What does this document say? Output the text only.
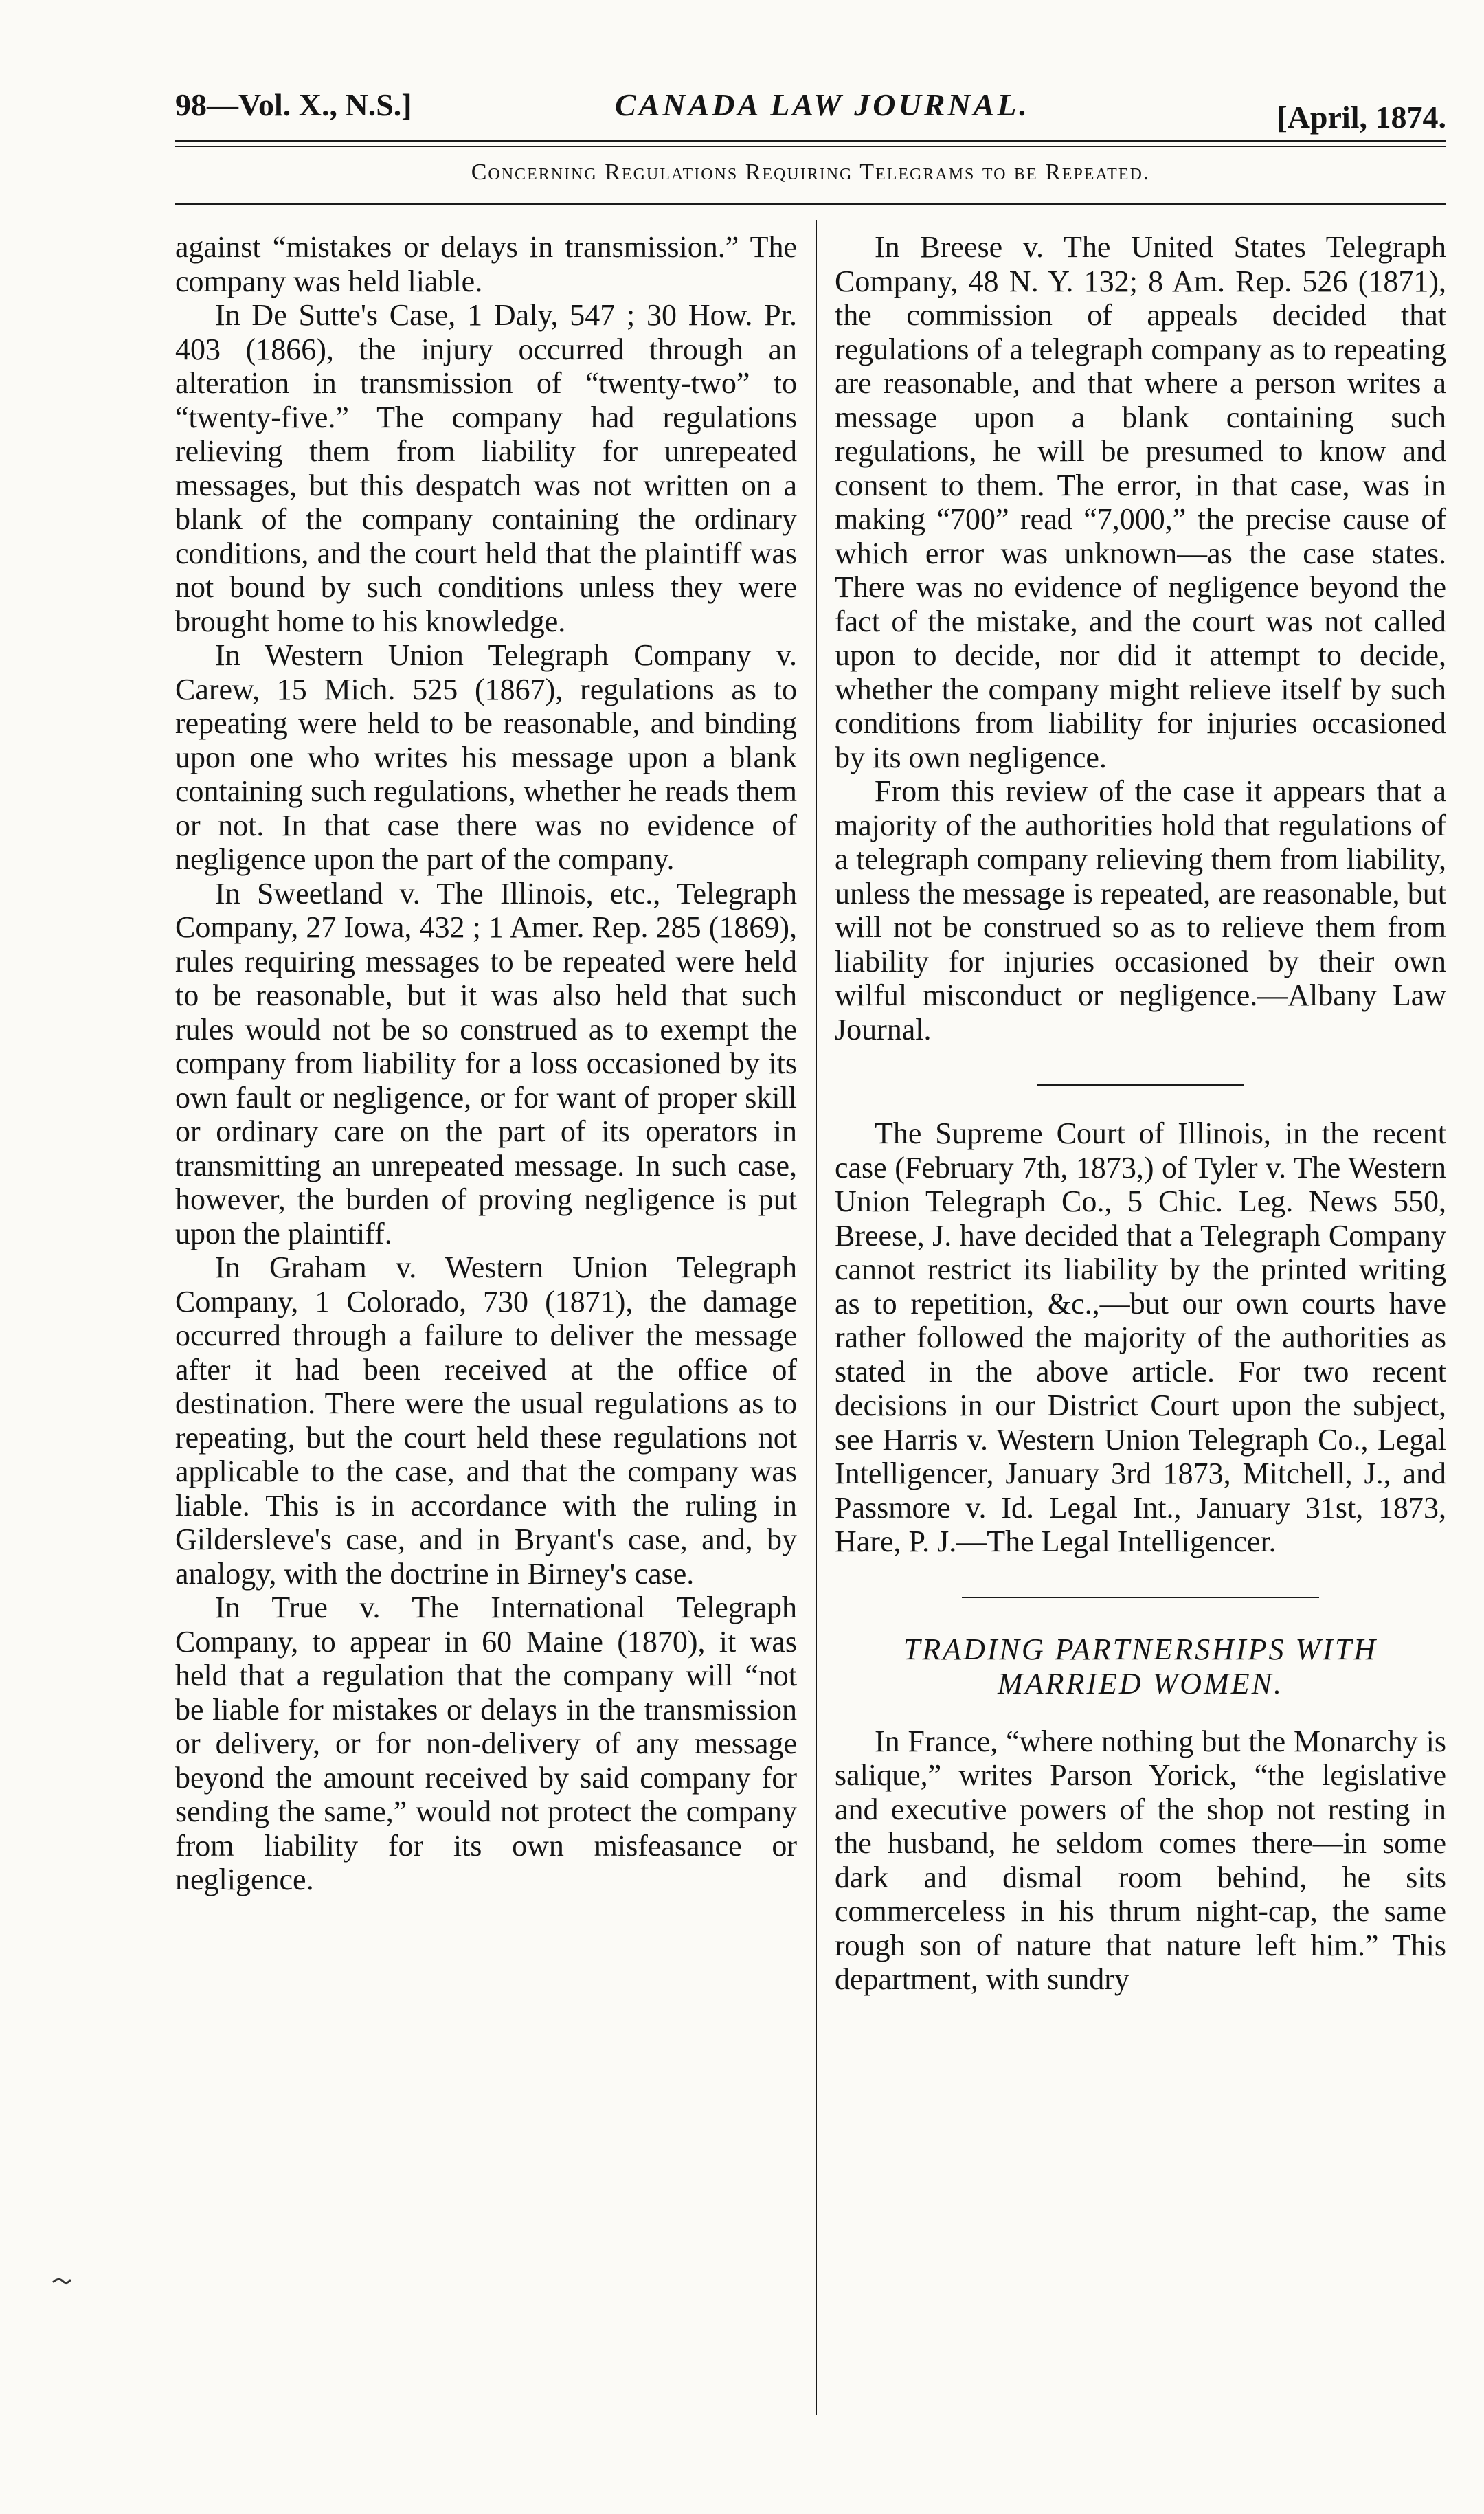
98—Vol. X., N.S.]	CANADA LAW JOURNAL.	[April, 1874.
Concerning Regulations Requiring Telegrams to be Repeated.

against “mistakes or delays in transmission.” The company was held liable.

In De Sutte's Case, 1 Daly, 547 ; 30 How. Pr. 403 (1866), the injury occurred through an alteration in transmission of “twenty-two” to “twenty-five.” The company had regulations relieving them from liability for unrepeated messages, but this despatch was not written on a blank of the company containing the ordinary conditions, and the court held that the plaintiff was not bound by such conditions unless they were brought home to his knowledge.

In Western Union Telegraph Company v. Carew, 15 Mich. 525 (1867), regulations as to repeating were held to be reasonable, and binding upon one who writes his message upon a blank containing such regulations, whether he reads them or not. In that case there was no evidence of negligence upon the part of the company.

In Sweetland v. The Illinois, etc., Telegraph Company, 27 Iowa, 432 ; 1 Amer. Rep. 285 (1869), rules requiring messages to be repeated were held to be reasonable, but it was also held that such rules would not be so construed as to exempt the company from liability for a loss occasioned by its own fault or negligence, or for want of proper skill or ordinary care on the part of its operators in transmitting an unrepeated message. In such case, however, the burden of proving negligence is put upon the plaintiff.

In Graham v. Western Union Telegraph Company, 1 Colorado, 730 (1871), the damage occurred through a failure to deliver the message after it had been received at the office of destination. There were the usual regulations as to repeating, but the court held these regulations not applicable to the case, and that the company was liable. This is in accordance with the ruling in Gildersleve's case, and in Bryant's case, and, by analogy, with the doctrine in Birney's case.

In True v. The International Telegraph Company, to appear in 60 Maine (1870), it was held that a regulation that the company will “not be liable for mistakes or delays in the transmission or delivery, or for non-delivery of any message beyond the amount received by said company for sending the same,” would not protect the company from liability for its own misfeasance or negligence.

In Breese v. The United States Telegraph Company, 48 N. Y. 132; 8 Am. Rep. 526 (1871), the commission of appeals decided that regulations of a telegraph company as to repeating are reasonable, and that where a person writes a message upon a blank containing such regulations, he will be presumed to know and consent to them. The error, in that case, was in making “700” read “7,000,” the precise cause of which error was unknown—as the case states. There was no evidence of negligence beyond the fact of the mistake, and the court was not called upon to decide, nor did it attempt to decide, whether the company might relieve itself by such conditions from liability for injuries occasioned by its own negligence.

From this review of the case it appears that a majority of the authorities hold that regulations of a telegraph company relieving them from liability, unless the message is repeated, are reasonable, but will not be construed so as to relieve them from liability for injuries occasioned by their own wilful misconduct or negligence.—Albany Law Journal.

The Supreme Court of Illinois, in the recent case (February 7th, 1873,) of Tyler v. The Western Union Telegraph Co., 5 Chic. Leg. News 550, Breese, J. have decided that a Telegraph Company cannot restrict its liability by the printed writing as to repetition, &c.,—but our own courts have rather followed the majority of the authorities as stated in the above article. For two recent decisions in our District Court upon the subject, see Harris v. Western Union Telegraph Co., Legal Intelligencer, January 3rd 1873, Mitchell, J., and Passmore v. Id. Legal Int., January 31st, 1873, Hare, P. J.—The Legal Intelligencer.

TRADING PARTNERSHIPS WITH MARRIED WOMEN.

In France, “where nothing but the Monarchy is salique,” writes Parson Yorick, “the legislative and executive powers of the shop not resting in the husband, he seldom comes there—in some dark and dismal room behind, he sits commerceless in his thrum night-cap, the same rough son of nature that nature left him.” This department, with sundry
